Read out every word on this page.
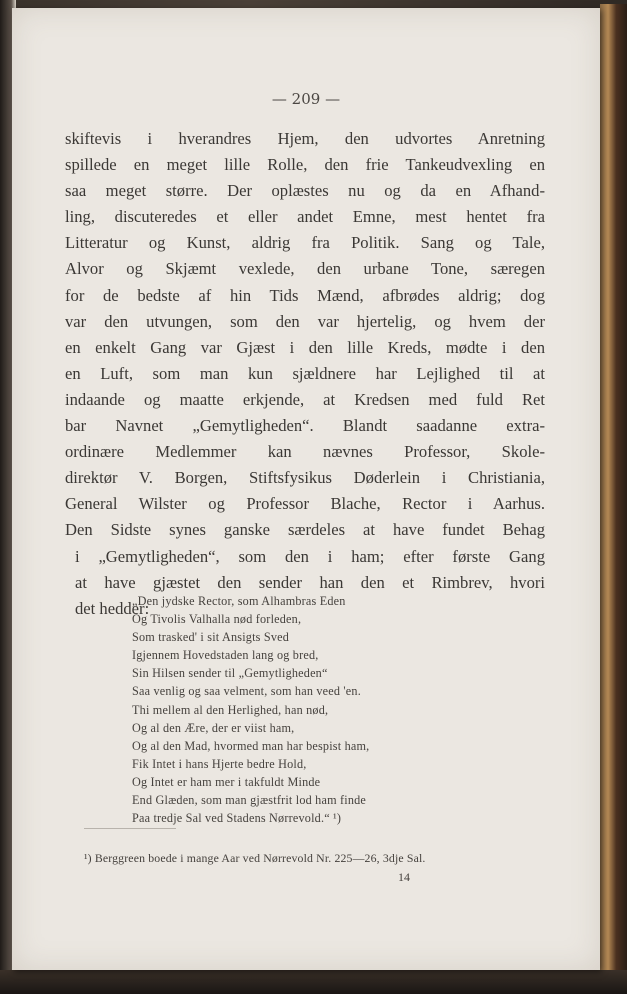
— 209 —
skiftevis i hverandres Hjem, den udvortes Anretning
spillede en meget lille Rolle, den frie Tankeudvexling en
saa meget større. Der oplæstes nu og da en Afhand-
ling, discuteredes et eller andet Emne, mest hentet fra
Litteratur og Kunst, aldrig fra Politik. Sang og Tale,
Alvor og Skjæmt vexlede, den urbane Tone, særegen
for de bedste af hin Tids Mænd, afbrødes aldrig; dog
var den utvungen, som den var hjertelig, og hvem der
en enkelt Gang var Gjæst i den lille Kreds, mødte i den
en Luft, som man kun sjældnere har Lejlighed til at
indaande og maatte erkjende, at Kredsen med fuld Ret
bar Navnet „Gemytligheden“. Blandt saadanne extra-
ordinære Medlemmer kan nævnes Professor, Skole-
direktør V. Borgen, Stiftsfysikus Døderlein i Christiania,
General Wilster og Professor Blache, Rector i Aarhus.
Den Sidste synes ganske særdeles at have fundet Behag
i „Gemytligheden“, som den i ham; efter første Gang
at have gjæstet den sender han den et Rimbrev, hvori
det hedder:
„Den jydske Rector, som Alhambras Eden
Og Tivolis Valhalla nød forleden,
Som trasked' i sit Ansigts Sved
Igjennem Hovedstaden lang og bred,
Sin Hilsen sender til „Gemytligheden“
Saa venlig og saa velment, som han veed 'en.
Thi mellem al den Herlighed, han nød,
Og al den Ære, der er viist ham,
Og al den Mad, hvormed man har bespist ham,
Fik Intet i hans Hjerte bedre Hold,
Og Intet er ham mer i takfuldt Minde
End Glæden, som man gjæstfrit lod ham finde
Paa tredje Sal ved Stadens Nørrevold.“ ¹)
¹) Berggreen boede i mange Aar ved Nørrevold Nr. 225—26, 3dje Sal.
14
